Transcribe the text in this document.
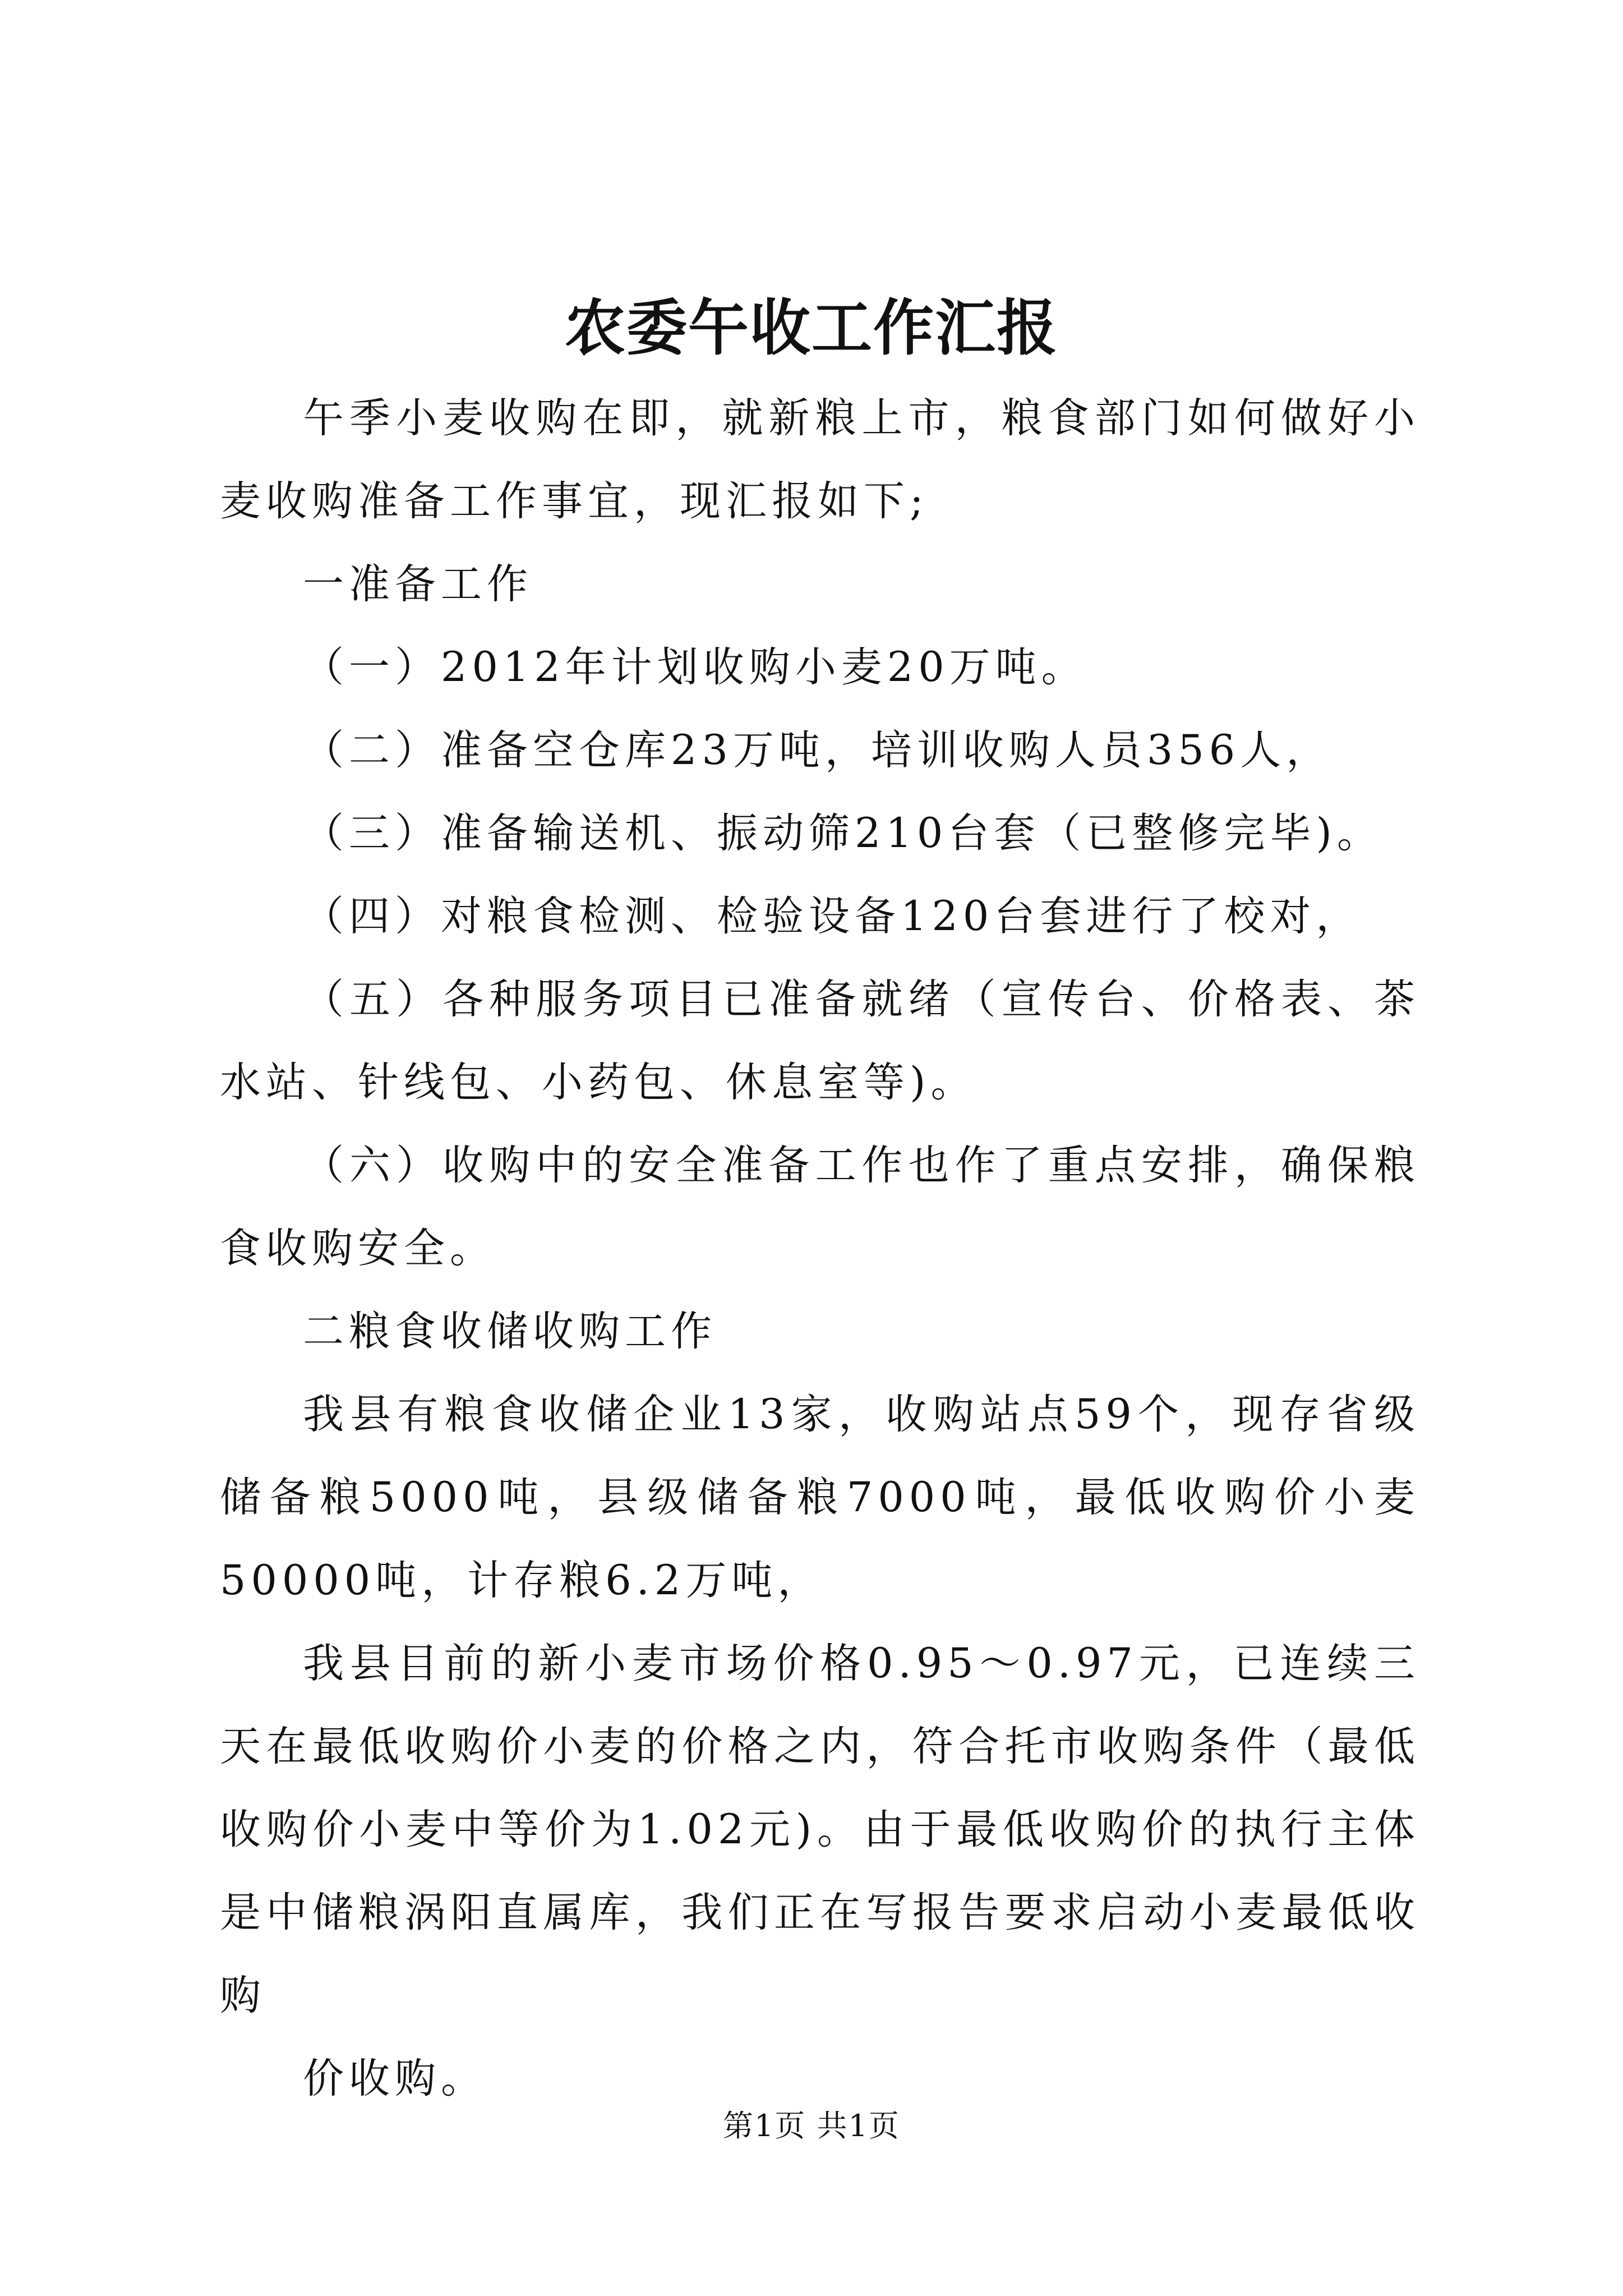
农委午收工作汇报

午季小麦收购在即，就新粮上市，粮食部门如何做好小麦收购准备工作事宜，现汇报如下;

一准备工作

（一）2012年计划收购小麦20万吨。

（二）准备空仓库23万吨，培训收购人员356人，

（三）准备输送机、振动筛210台套（已整修完毕)。

（四）对粮食检测、检验设备120台套进行了校对，

（五）各种服务项目已准备就绪（宣传台、价格表、茶水站、针线包、小药包、休息室等)。

（六）收购中的安全准备工作也作了重点安排，确保粮食收购安全。

二粮食收储收购工作

我县有粮食收储企业13家，收购站点59个，现存省级储备粮5000吨，县级储备粮7000吨，最低收购价小麦50000吨，计存粮6.2万吨，

我县目前的新小麦市场价格0.95～0.97元，已连续三天在最低收购价小麦的价格之内，符合托市收购条件（最低收购价小麦中等价为1.02元)。由于最低收购价的执行主体是中储粮涡阳直属库，我们正在写报告要求启动小麦最低收购

价收购。

第1页 共1页
